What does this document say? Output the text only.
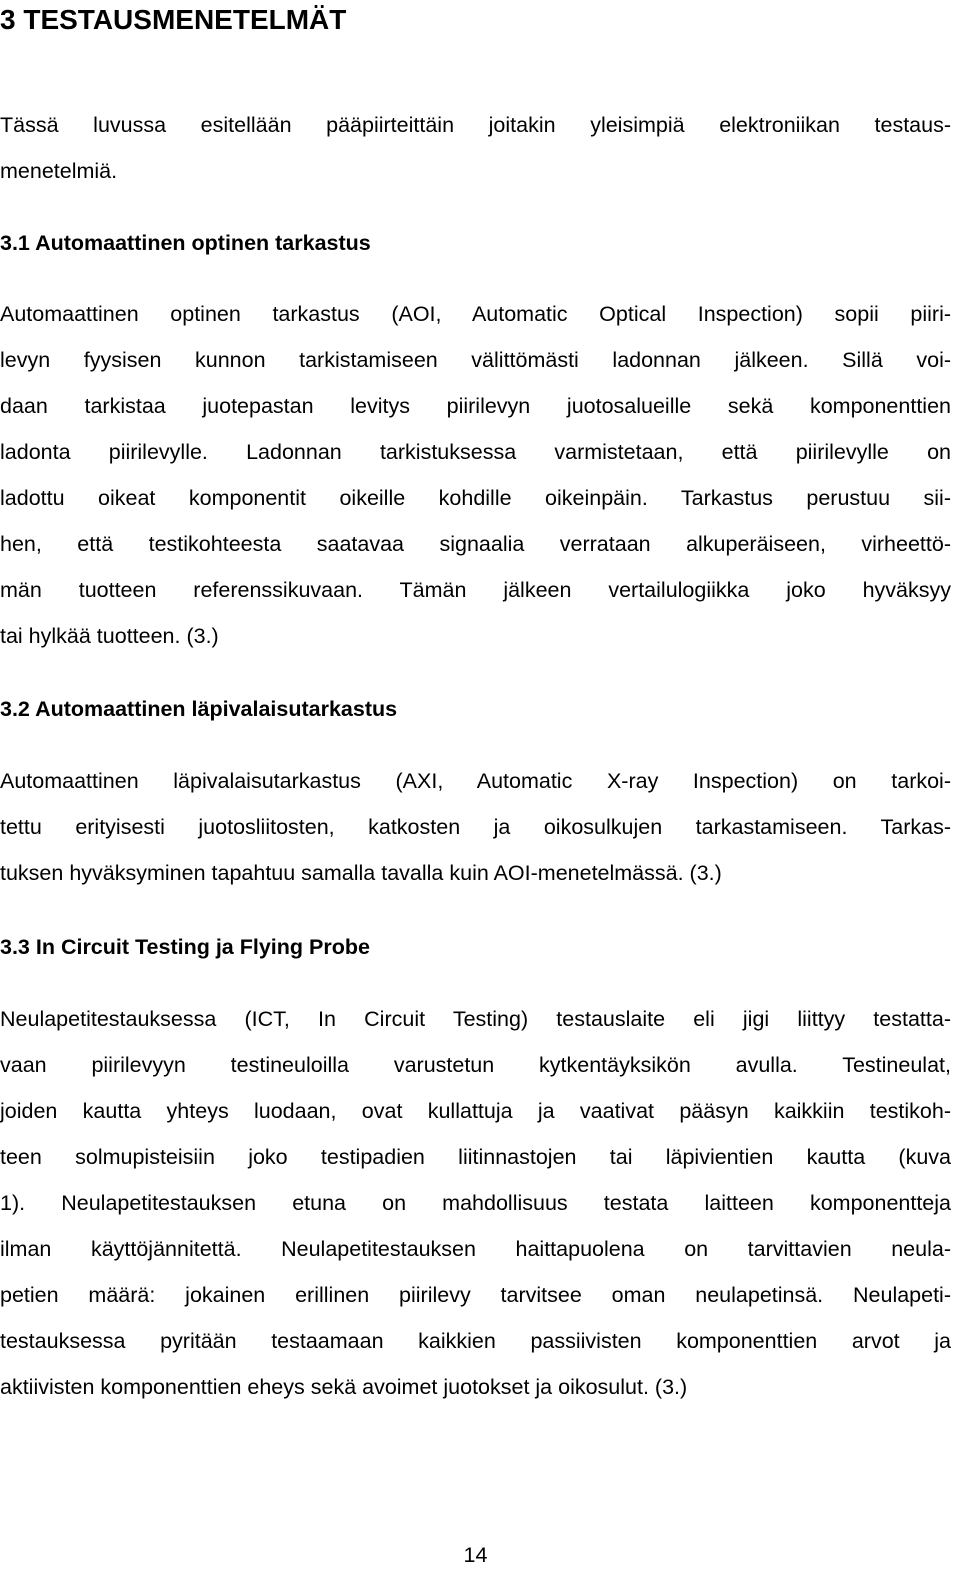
3 TESTAUSMENETELMÄT

Tässä luvussa esitellään pääpiirteittäin joitakin yleisimpiä elektroniikan testaus-
menetelmiä.

3.1 Automaattinen optinen tarkastus

Automaattinen optinen tarkastus (AOI, Automatic Optical Inspection) sopii piiri-
levyn fyysisen kunnon tarkistamiseen välittömästi ladonnan jälkeen. Sillä voi-
daan tarkistaa juotepastan levitys piirilevyn juotosalueille sekä komponenttien
ladonta piirilevylle. Ladonnan tarkistuksessa varmistetaan, että piirilevylle on
ladottu oikeat komponentit oikeille kohdille oikeinpäin. Tarkastus perustuu sii-
hen, että testikohteesta saatavaa signaalia verrataan alkuperäiseen, virheettö-
män tuotteen referenssikuvaan. Tämän jälkeen vertailulogiikka joko hyväksyy
tai hylkää tuotteen. (3.)

3.2 Automaattinen läpivalaisutarkastus

Automaattinen läpivalaisutarkastus (AXI, Automatic X-ray Inspection) on tarkoi-
tettu erityisesti juotosliitosten, katkosten ja oikosulkujen tarkastamiseen. Tarkas-
tuksen hyväksyminen tapahtuu samalla tavalla kuin AOI-menetelmässä. (3.)

3.3 In Circuit Testing ja Flying Probe

Neulapetitestauksessa (ICT, In Circuit Testing) testauslaite eli jigi liittyy testatta-
vaan piirilevyyn testineuloilla varustetun kytkentäyksikön avulla. Testineulat,
joiden kautta yhteys luodaan, ovat kullattuja ja vaativat pääsyn kaikkiin testikoh-
teen solmupisteisiin joko testipadien liitinnastojen tai läpivientien kautta (kuva
1). Neulapetitestauksen etuna on mahdollisuus testata laitteen komponentteja
ilman käyttöjännitettä. Neulapetitestauksen haittapuolena on tarvittavien neula-
petien määrä: jokainen erillinen piirilevy tarvitsee oman neulapetinsä. Neulapeti-
testauksessa pyritään testaamaan kaikkien passiivisten komponenttien arvot ja
aktiivisten komponenttien eheys sekä avoimet juotokset ja oikosulut. (3.)

14
